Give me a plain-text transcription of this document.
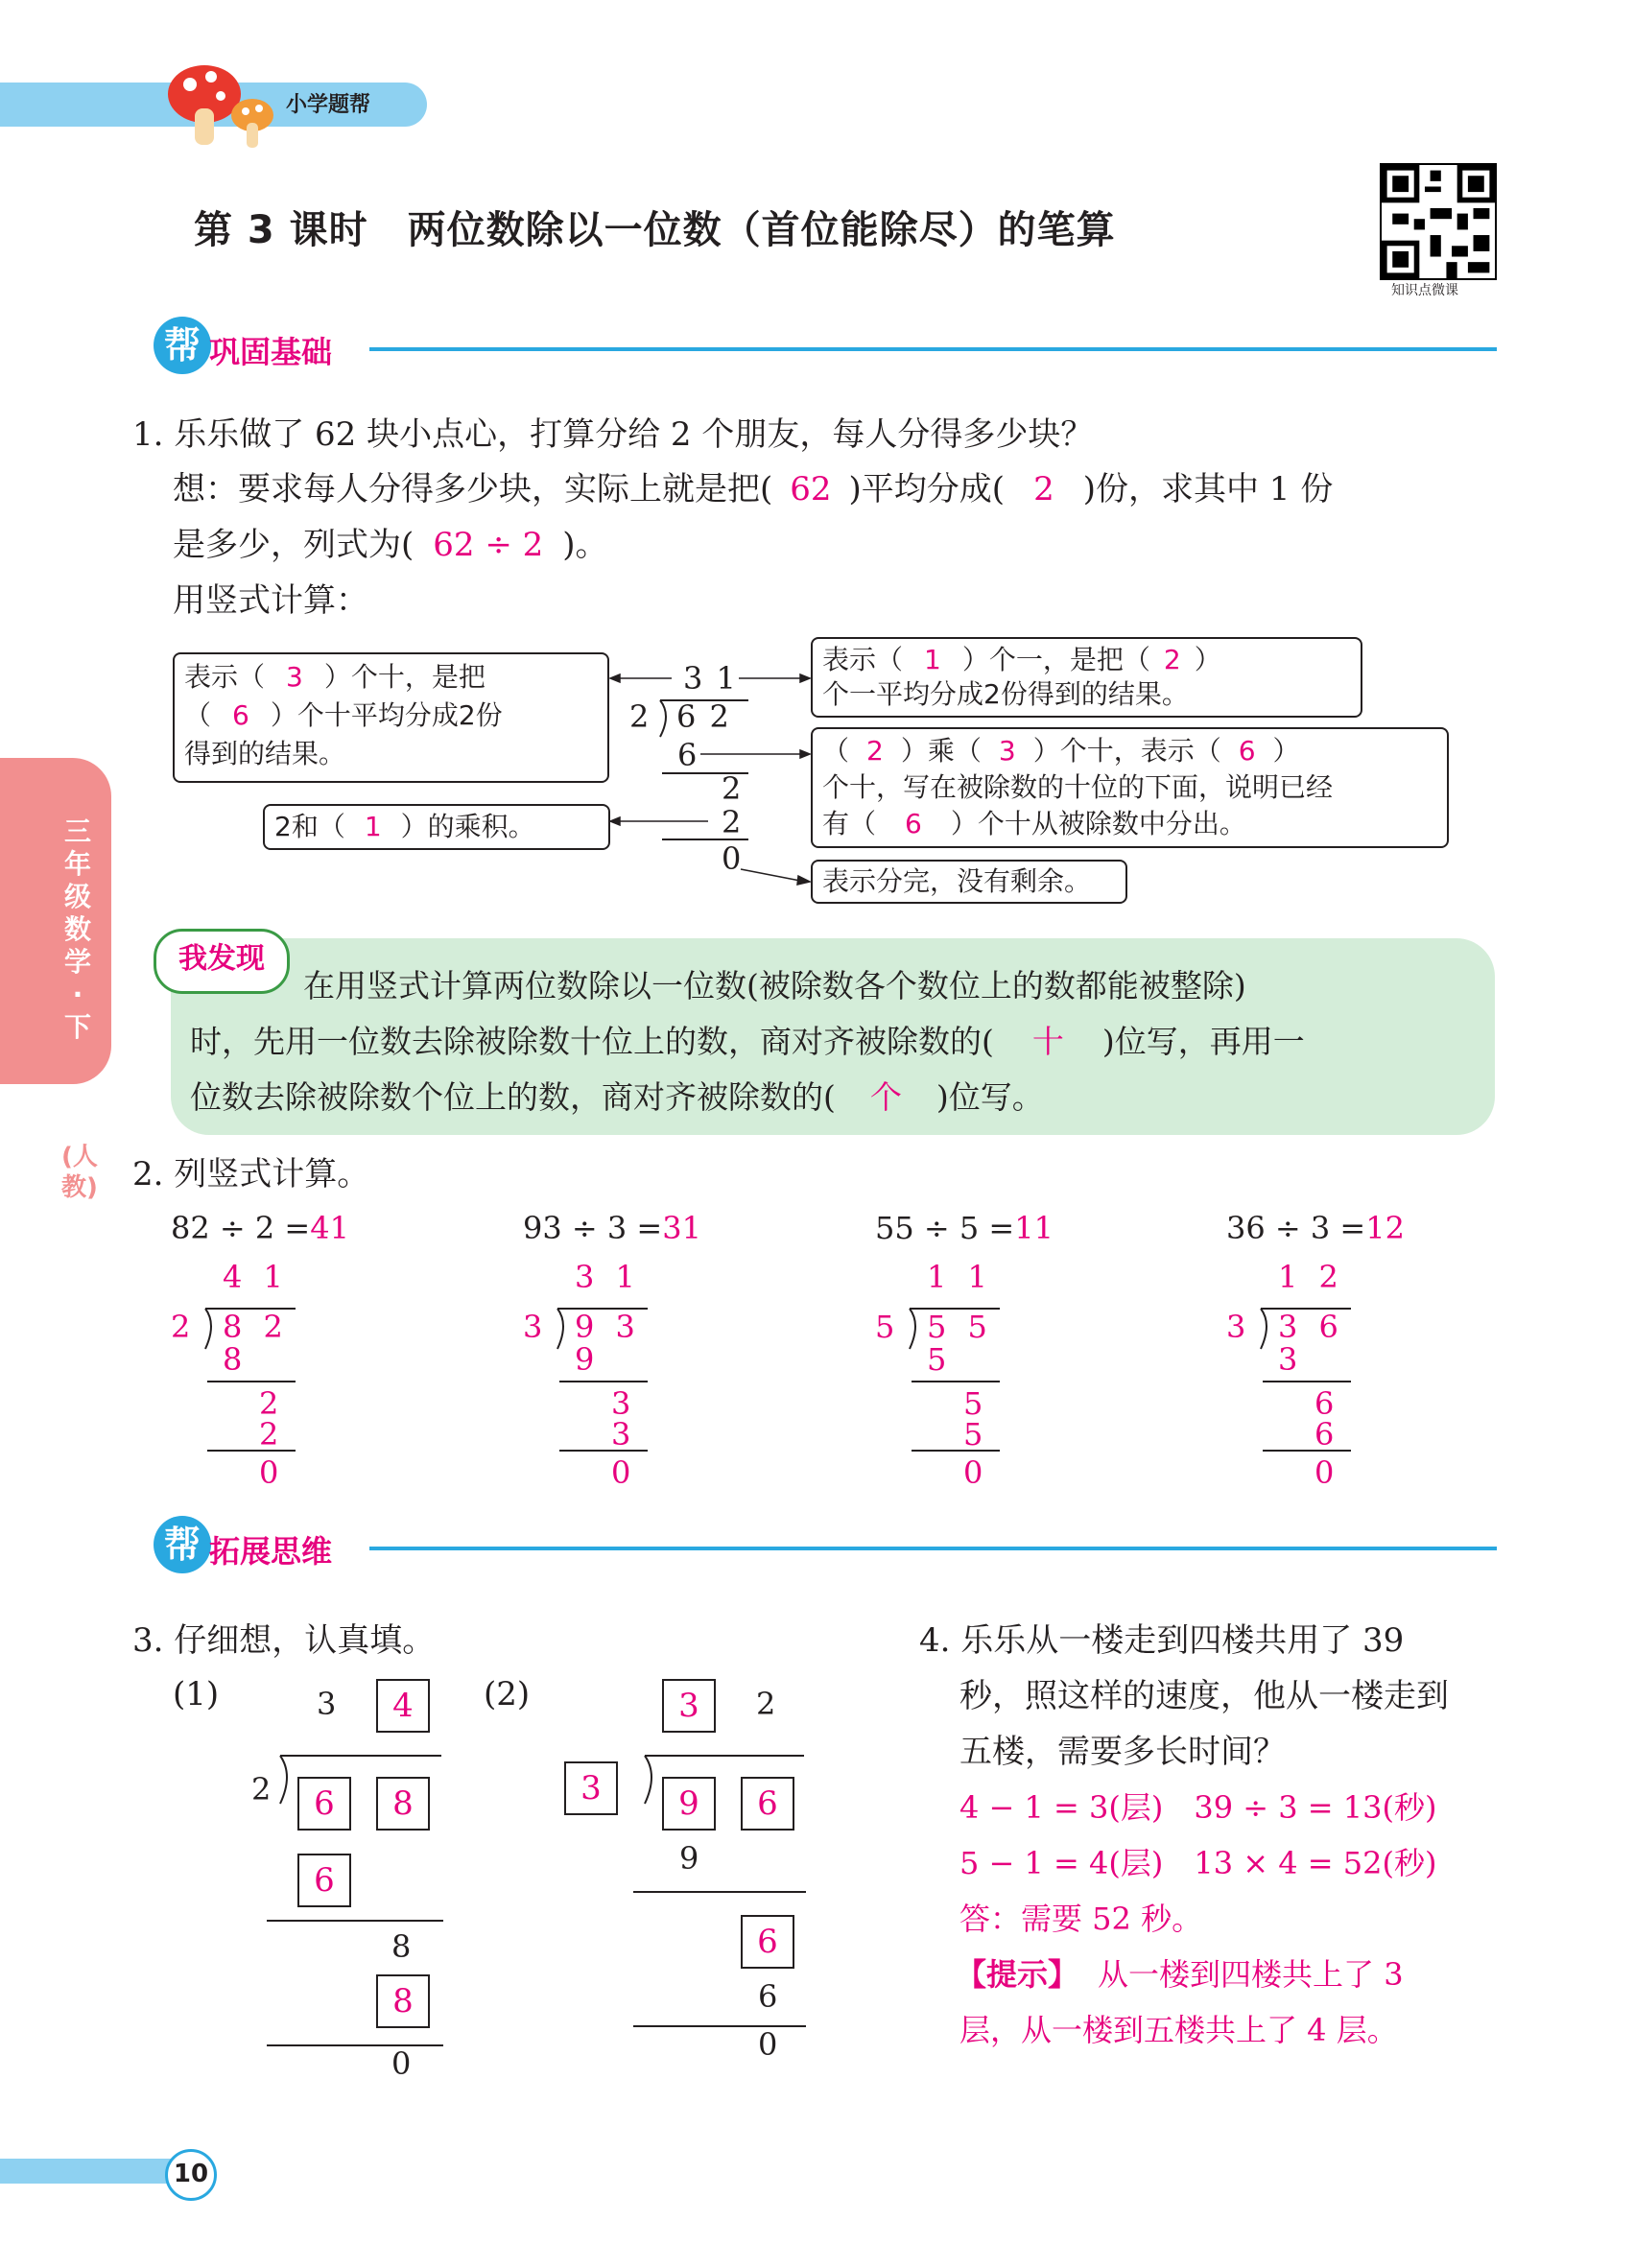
小学题帮
第 3 课时　两位数除以一位数（首位能除尽）的笔算
知识点微课
帮 巩固基础
三年级数学·下
(人教)
1. 乐乐做了 62 块小点心，打算分给 2 个朋友，每人分得多少块？
想：要求每人分得多少块，实际上就是把( 62 )平均分成( 2 )份，求其中 1 份
是多少，列式为( 62 ÷ 2 )。
用竖式计算：
表示（ 3 ）个十，是把
（ 6 ）个十平均分成2份
得到的结果。
2和（ 1 ）的乘积。
表示（ 1 ）个一，是把（ 2 ）
个一平均分成2份得到的结果。
（ 2 ）乘（ 3 ）个十，表示（ 6 ）
个十，写在被除数的十位的下面，说明已经
有（ 6 ）个十从被除数中分出。
表示分完，没有剩余。
3 1
2 6 2
6
2
2
0
我发现
在用竖式计算两位数除以一位数(被除数各个数位上的数都能被整除)
时，先用一位数去除被除数十位上的数，商对齐被除数的( 十 )位写，再用一
位数去除被除数个位上的数，商对齐被除数的( 个 )位写。
2. 列竖式计算。
82 ÷ 2 =41
4 1
2 8 2
8
2
2
0
93 ÷ 3 =31
3 1
3 9 3
9
3
3
0
55 ÷ 5 =11
1 1
5 5 5
5
5
5
0
36 ÷ 3 =12
1 2
3 3 6
3
6
6
0
帮 拓展思维
3. 仔细想，认真填。
(1)	3	4
2	6	8
6
8
8
0
(2)	3	2
3	9	6
9
6
6
0
4. 乐乐从一楼走到四楼共用了 39
秒，照这样的速度，他从一楼走到
五楼，需要多长时间？
4 − 1 = 3(层)　39 ÷ 3 = 13(秒)
5 − 1 = 4(层)　13 × 4 = 52(秒)
答：需要 52 秒。
【提示】 从一楼到四楼共上了 3
层，从一楼到五楼共上了 4 层。
10
